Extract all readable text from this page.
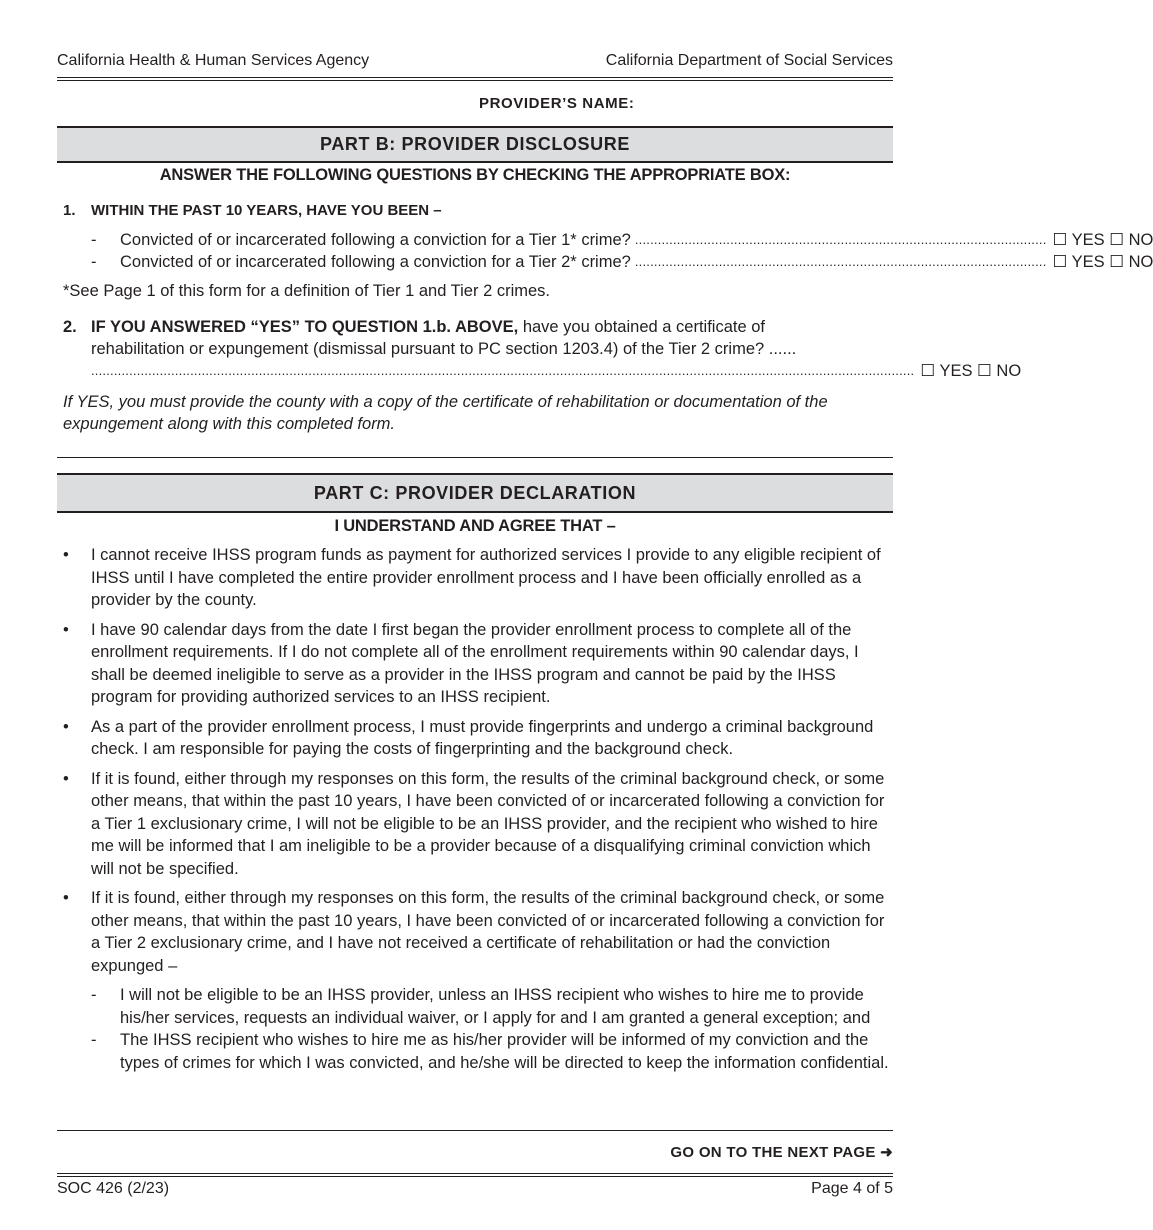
California Health & Human Services Agency	California Department of Social Services
PROVIDER’S NAME:
PART B: PROVIDER DISCLOSURE
ANSWER THE FOLLOWING QUESTIONS BY CHECKING THE APPROPRIATE BOX:
1. WITHIN THE PAST 10 YEARS, HAVE YOU BEEN –
-	Convicted of or incarcerated following a conviction for a Tier 1* crime? ............................................................................................................ ☐ YES ☐ NO
-	Convicted of or incarcerated following a conviction for a Tier 2* crime? ............................................................................................................ ☐ YES ☐ NO
*See Page 1 of this form for a definition of Tier 1 and Tier 2 crimes.
2. IF YOU ANSWERED “YES” TO QUESTION 1.b. ABOVE, have you obtained a certificate of
rehabilitation or expungement (dismissal pursuant to PC section 1203.4) of the Tier 2 crime? ......
........................................................................................................................................................................................................................ ☐ YES ☐ NO
If YES, you must provide the county with a copy of the certificate of rehabilitation or documentation of the expungement along with this completed form.
PART C: PROVIDER DECLARATION
I UNDERSTAND AND AGREE THAT –
•	I cannot receive IHSS program funds as payment for authorized services I provide to any eligible recipient of IHSS until I have completed the entire provider enrollment process and I have been officially enrolled as a provider by the county.
•	I have 90 calendar days from the date I first began the provider enrollment process to complete all of the enrollment requirements. If I do not complete all of the enrollment requirements within 90 calendar days, I shall be deemed ineligible to serve as a provider in the IHSS program and cannot be paid by the IHSS program for providing authorized services to an IHSS recipient.
•	As a part of the provider enrollment process, I must provide fingerprints and undergo a criminal background check. I am responsible for paying the costs of fingerprinting and the background check.
•	If it is found, either through my responses on this form, the results of the criminal background check, or some other means, that within the past 10 years, I have been convicted of or incarcerated following a conviction for a Tier 1 exclusionary crime, I will not be eligible to be an IHSS provider, and the recipient who wished to hire me will be informed that I am ineligible to be a provider because of a disqualifying criminal conviction which will not be specified.
•	If it is found, either through my responses on this form, the results of the criminal background check, or some other means, that within the past 10 years, I have been convicted of or incarcerated following a conviction for a Tier 2 exclusionary crime, and I have not received a certificate of rehabilitation or had the conviction expunged –
-	I will not be eligible to be an IHSS provider, unless an IHSS recipient who wishes to hire me to provide his/her services, requests an individual waiver, or I apply for and I am granted a general exception; and
-	The IHSS recipient who wishes to hire me as his/her provider will be informed of my conviction and the types of crimes for which I was convicted, and he/she will be directed to keep the information confidential.
GO ON TO THE NEXT PAGE ➜
SOC 426 (2/23)	Page 4 of 5
